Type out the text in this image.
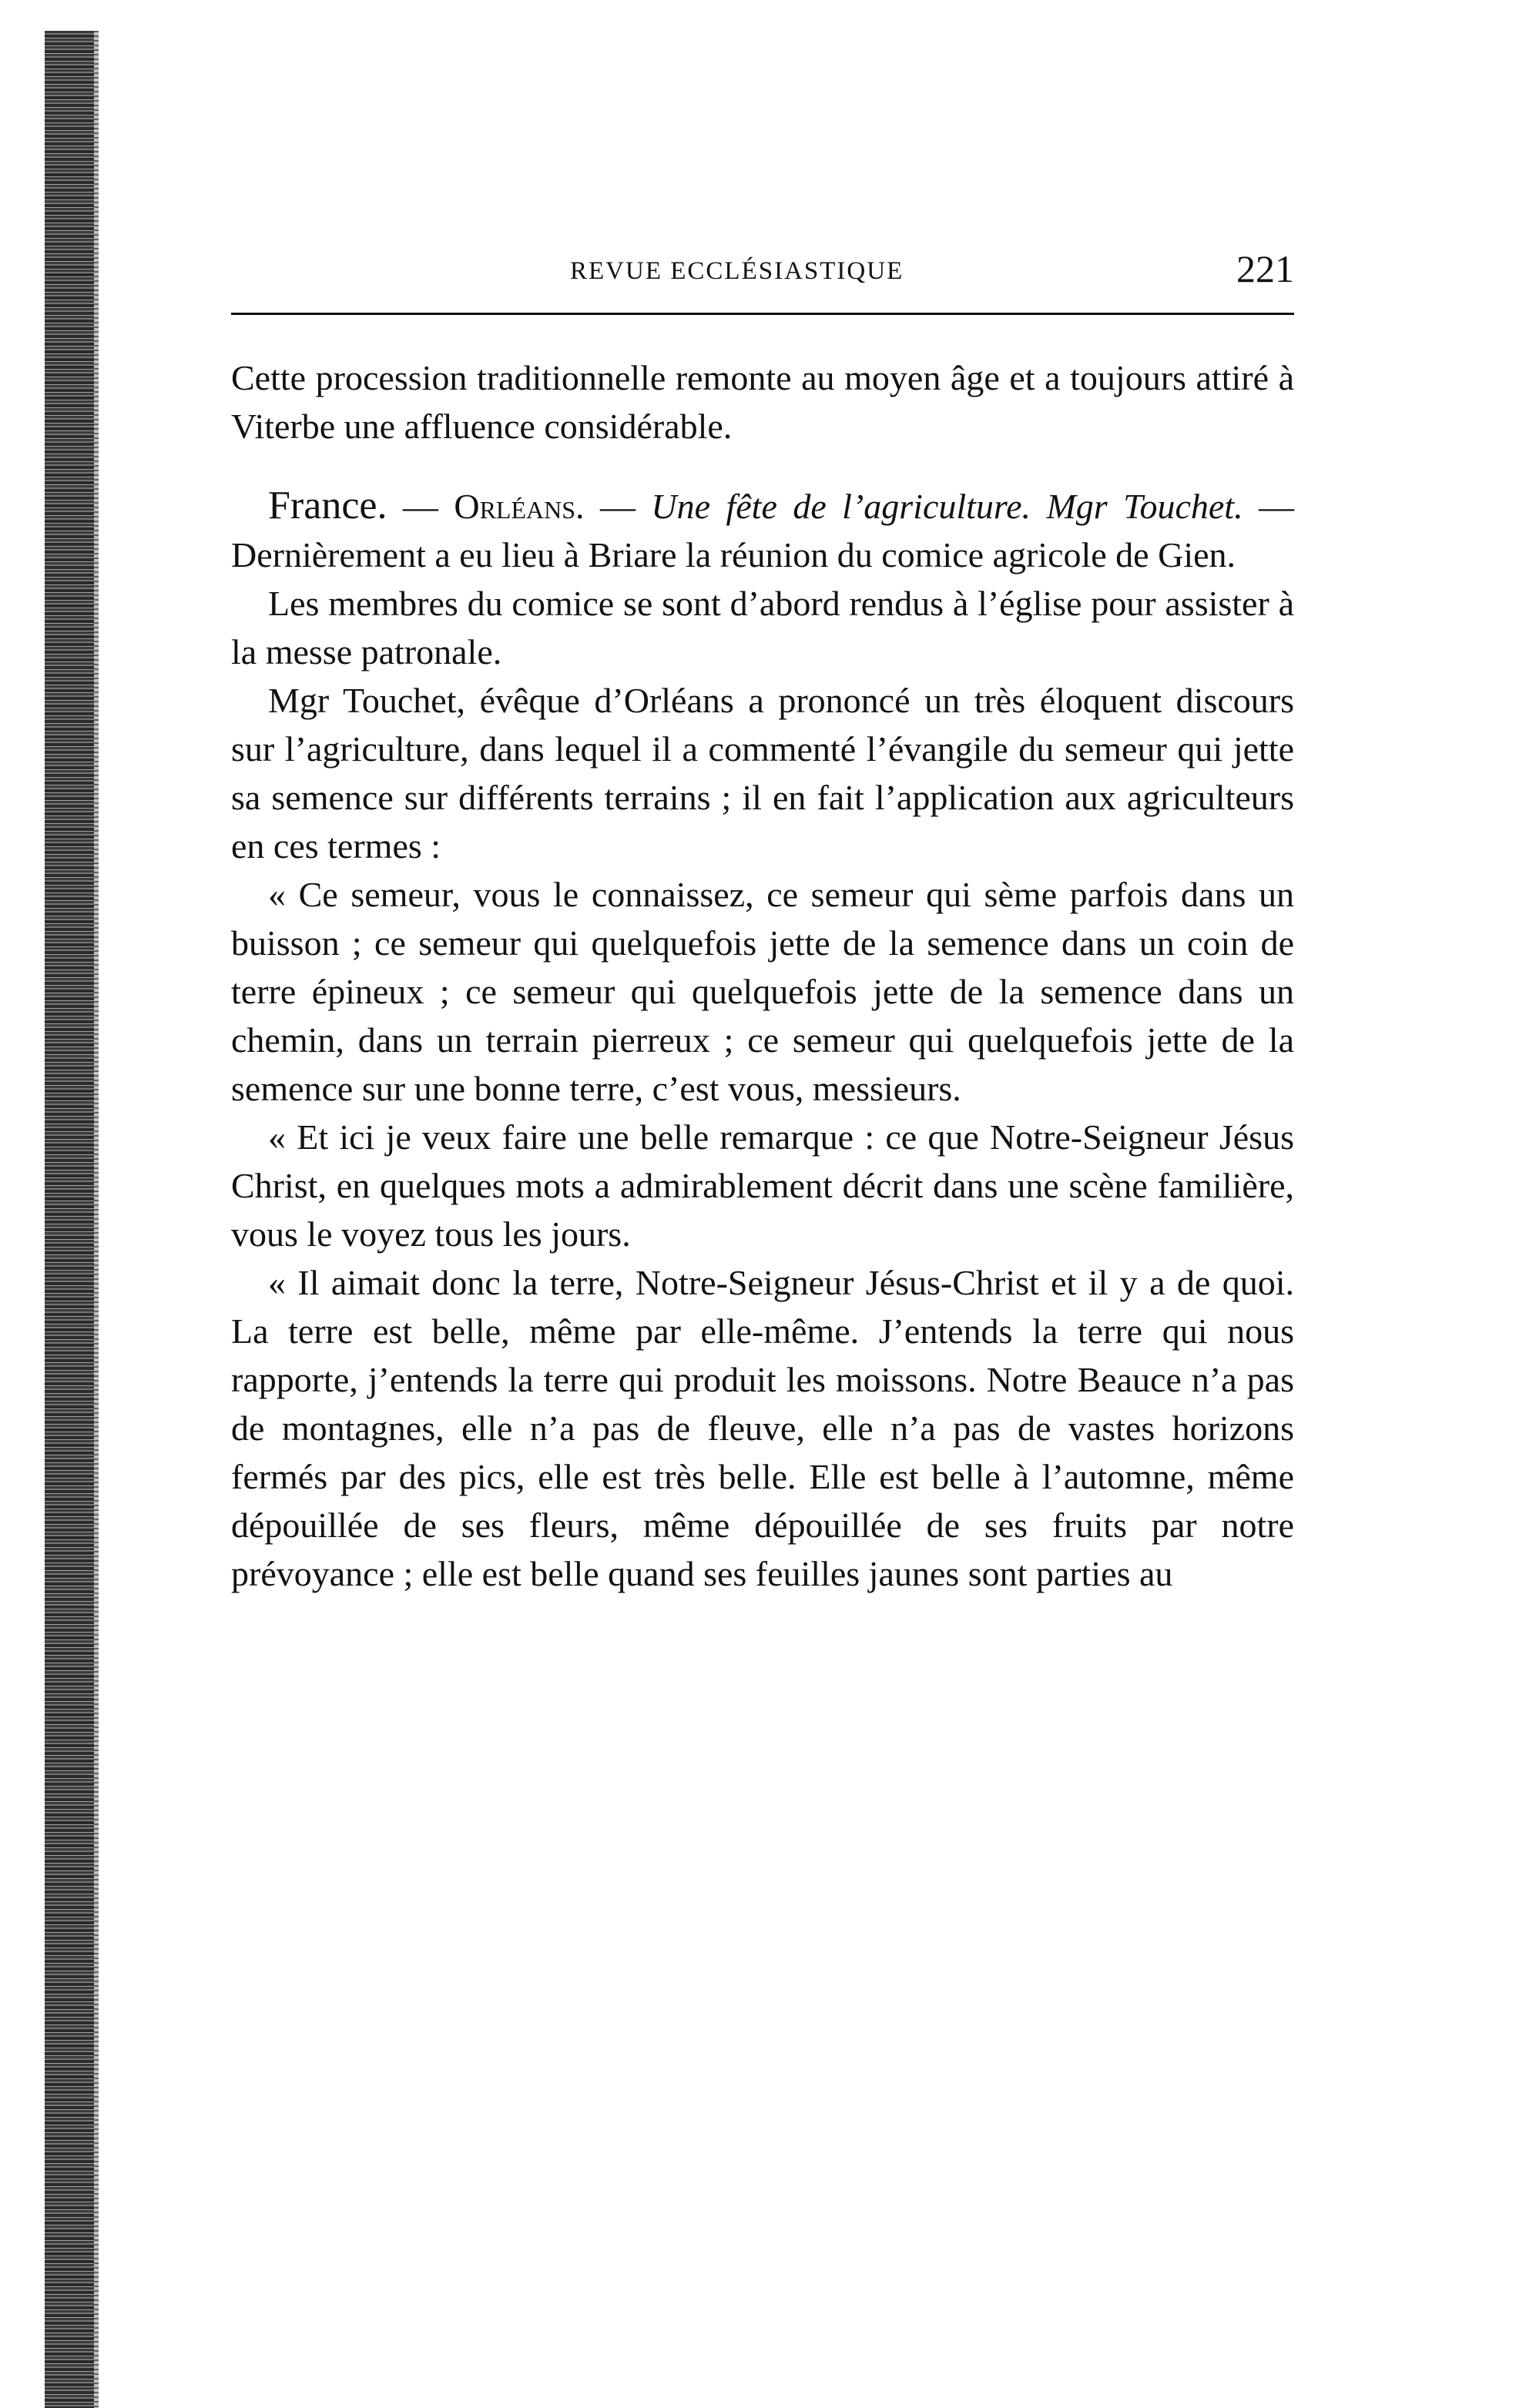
REVUE ECCLÉSIASTIQUE	221

Cette procession traditionnelle remonte au moyen âge et a toujours attiré à Viterbe une affluence considérable.

France. — Orléans. — Une fête de l’agriculture. Mgr Touchet. — Dernièrement a eu lieu à Briare la réunion du comice agricole de Gien.

Les membres du comice se sont d’abord rendus à l’église pour assister à la messe patronale.

Mgr Touchet, évêque d’Orléans a prononcé un très éloquent discours sur l’agriculture, dans lequel il a commenté l’évangile du semeur qui jette sa semence sur différents terrains ; il en fait l’application aux agriculteurs en ces termes :

« Ce semeur, vous le connaissez, ce semeur qui sème parfois dans un buisson ; ce semeur qui quelquefois jette de la semence dans un coin de terre épineux ; ce semeur qui quelquefois jette de la semence dans un chemin, dans un terrain pierreux ; ce semeur qui quelquefois jette de la semence sur une bonne terre, c’est vous, messieurs.

« Et ici je veux faire une belle remarque : ce que Notre-Seigneur Jésus Christ, en quelques mots a admirablement décrit dans une scène familière, vous le voyez tous les jours.

« Il aimait donc la terre, Notre-Seigneur Jésus-Christ et il y a de quoi. La terre est belle, même par elle-même. J’entends la terre qui nous rapporte, j’entends la terre qui produit les moissons. Notre Beauce n’a pas de montagnes, elle n’a pas de fleuve, elle n’a pas de vastes horizons fermés par des pics, elle est très belle. Elle est belle à l’automne, même dépouillée de ses fleurs, même dépouillée de ses fruits par notre prévoyance ; elle est belle quand ses feuilles jaunes sont parties au
